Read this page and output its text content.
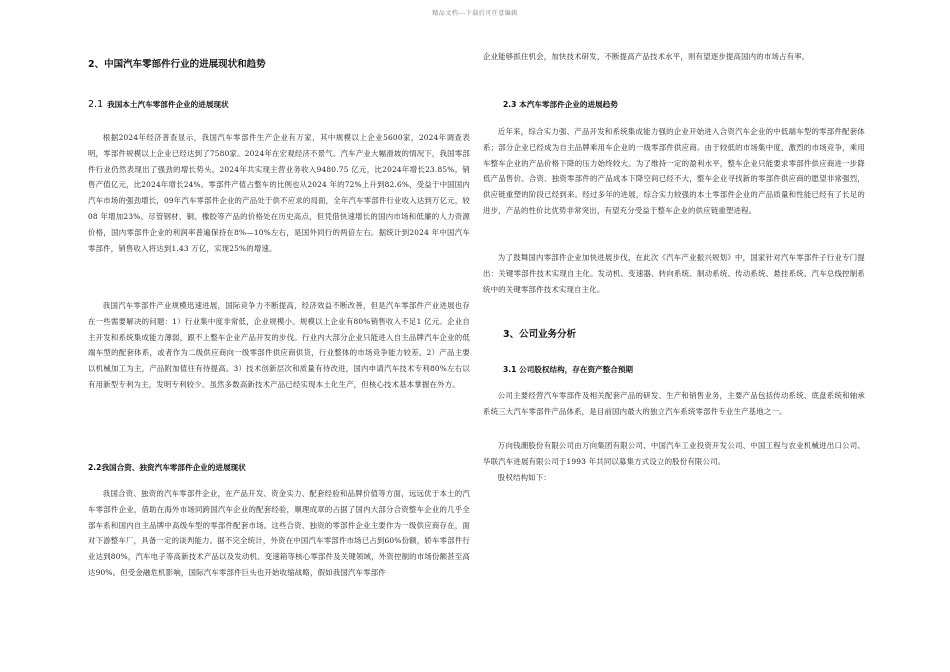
精品文档---下载后可任意编辑
2、中国汽车零部件行业的进展现状和趋势
2.1 我国本土汽车零部件企业的进展现状

根据2024年经济普查显示，我国汽车零部件生产企业有万家，其中规模以上企业5600家，2024年调查表明，零部件规模以上企业已经达到了7580家。2024年在宏观经济不景气、汽车产业大幅滑坡的情况下，我国零部件行业仍然表现出了强劲的增长势头。2024年共实现主营业务收入9480.75 亿元，比2024年增长23.85%。销售产值亿元，比2024年增长24%。零部件产值占整车的比例也从2024 年的72%上升到82.6%，受益于中国国内汽车市场的强劲增长，09年汽车零部件企业的产品处于供不应求的局面，全年汽车零部件行业收入达到万亿元，较08 年增加23%。尽管钢材、铜、橡胶等产品的价格处在历史高点，但凭借快速增长的国内市场和低廉的人力资源价格，国内零部件企业的利润率普遍保持在8%—10%左右，是国外同行的两倍左右。据统计到2024 年中国汽车零部件，销售收入将达到1.43 万亿，实现25%的增速。

我国汽车零部件产业规模迅速进展，国际竞争力不断提高，经济效益不断改善，但是汽车零部件产业进展也存在一些需要解决的问题：1）行业集中度非常低，企业规模小。规模以上企业有80%销售收入不足1 亿元。企业自主开发和系统集成能力薄弱，跟不上整车企业产品开发的步伐。行业内大部分企业只能进入自主品牌汽车企业的低端车型的配套体系，或者作为二级供应商向一级零部件供应商供货，行业整体的市场竞争能力较差。2）产品主要以机械加工为主，产品附加值往有待提高。3）技术创新层次和质量有待改进，国内申请汽车技术专利80%左右以有用新型专利为主，发明专利较少。虽然多数高新技术产品已经实现本土化生产，但核心技术基本掌握在外方。

2.2我国合资、独资汽车零部件企业的进展现状

我国合资、独资的汽车零部件企业，在产品开发、资金实力、配套经验和品牌价值等方面，远远优于本土的汽车零部件企业，借助在海外市场同跨国汽车企业的配套经验，顺理成章的占据了国内大部分合资整车企业的几乎全部车系和国内自主品牌中高级车型的零部件配套市场。这些合资、独资的零部件企业主要作为一级供应商存在，面对下游整车厂，具备一定的谈判能力。据不完全统计，外资在中国汽车零部件市场已占到60%份额，轿车零部件行业达到80%，汽车电子等高新技术产品以及发动机、变速箱等核心零部件及关键领域，外资控制的市场份额甚至高达90%。但受金融危机影响，国际汽车零部件巨头也开始收缩战略，假如我国汽车零部件

企业能够抓住机会，加快技术研发，不断提高产品技术水平，则有望逐步提高国内的市场占有率。

2.3 本汽车零部件企业的进展趋势

近年来，综合实力强、产品开发和系统集成能力强的企业开始进入合资汽车企业的中低端车型的零部件配套体系；部分企业已经成为自主品牌乘用车企业的一级零部件供应商。由于较低的市场集中度，激烈的市场竞争，乘用车整车企业的产品价格下降的压力始终较大。为了维持一定的盈利水平，整车企业只能要求零部件供应商进一步降低产品售价。合资、独资零部件的产品成本下降空间已经不大，整车企业寻找新的零部件供应商的愿望非常强烈，供应链重塑的阶段已经到来。经过多年的进展，综合实力较强的本土零部件企业的产品质量和性能已经有了长足的进步，产品的性价比优势非常突出，有望充分受益于整车企业的供应链重塑进程。

为了鼓舞国内零部件企业加快进展步伐，在此次《汽车产业振兴规划》中，国家针对汽车零部件子行业专门提出：关键零部件技术实现自主化。发动机、变速器、转向系统、制动系统、传动系统、悬挂系统、汽车总线控制系统中的关键零部件技术实现自主化。

3、公司业务分析
3.1 公司股权结构，存在资产整合预期

公司主要经营汽车零部件及相关配套产品的研发、生产和销售业务，主要产品包括传动系统、底盘系统和轴承系统三大汽车零部件产品体系，是目前国内最大的独立汽车系统零部件专业生产基地之一。

万向钱潮股份有限公司由万向集团有限公司、中国汽车工业投资开发公司、中国工程与农业机械进出口公司、华联汽车进展有限公司于1993 年共同以募集方式设立的股份有限公司。

股权结构如下：
